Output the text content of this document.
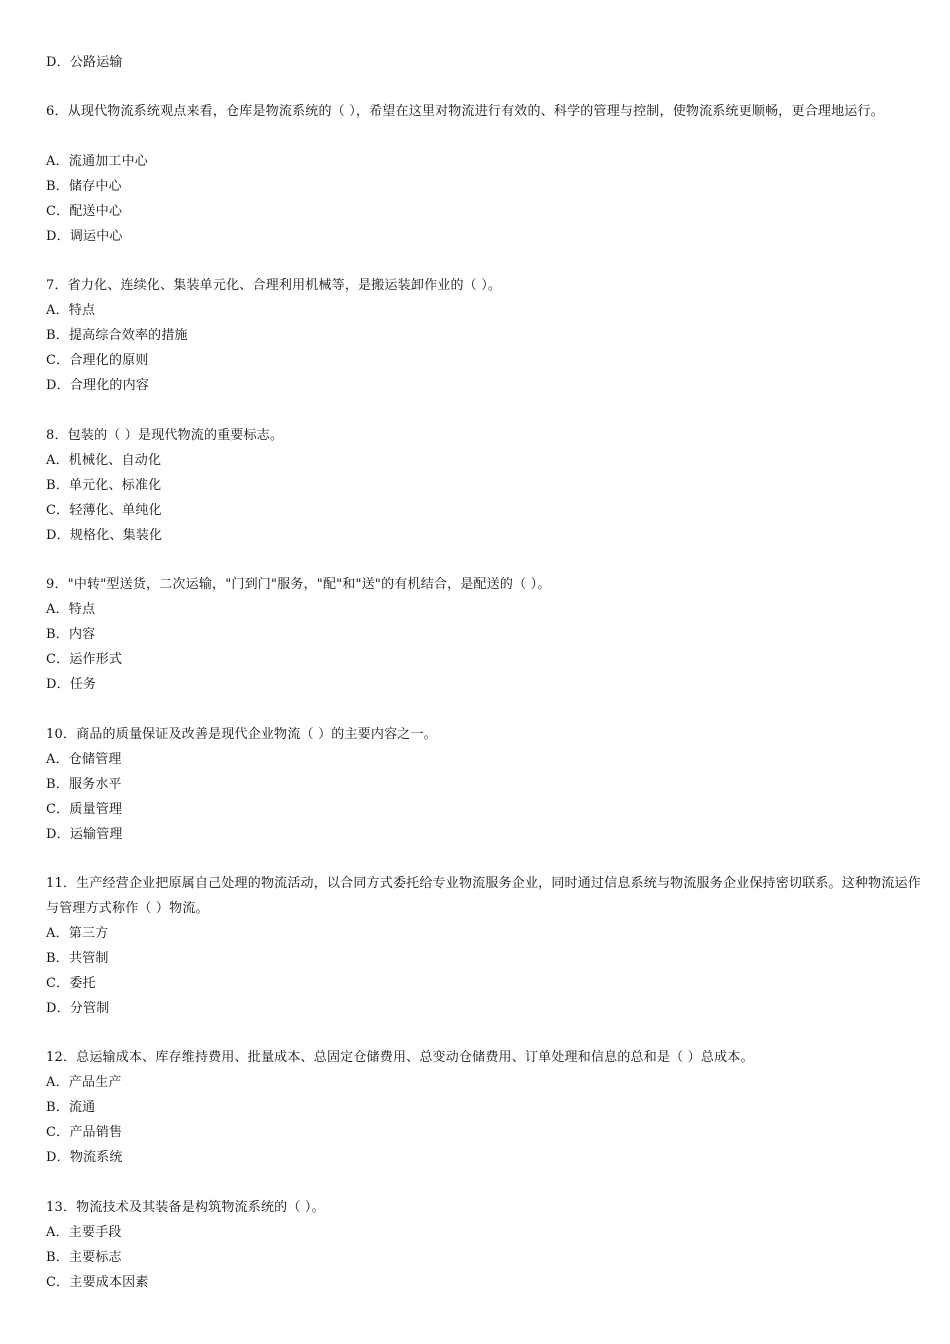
D．公路运输
6．从现代物流系统观点来看，仓库是物流系统的（ ），希望在这里对物流进行有效的、科学的管理与控制，使物流系统更顺畅，更合理地运行。
A．流通加工中心
B．储存中心
C．配送中心
D．调运中心
7．省力化、连续化、集装单元化、合理利用机械等，是搬运装卸作业的（ ）。
A．特点
B．提高综合效率的措施
C．合理化的原则
D．合理化的内容
8．包装的（ ）是现代物流的重要标志。
A．机械化、自动化
B．单元化、标准化
C．轻薄化、单纯化
D．规格化、集装化
9．"中转"型送货，二次运输，"门到门"服务，"配"和"送"的有机结合，是配送的（ ）。
A．特点
B．内容
C．运作形式
D．任务
10．商品的质量保证及改善是现代企业物流（ ）的主要内容之一。
A．仓储管理
B．服务水平
C．质量管理
D．运输管理
11．生产经营企业把原属自己处理的物流活动，以合同方式委托给专业物流服务企业，同时通过信息系统与物流服务企业保持密切联系。这种物流运作与管理方式称作（ ）物流。
A．第三方
B．共管制
C．委托
D．分管制
12．总运输成本、库存维持费用、批量成本、总固定仓储费用、总变动仓储费用、订单处理和信息的总和是（ ）总成本。
A．产品生产
B．流通
C．产品销售
D．物流系统
13．物流技术及其装备是构筑物流系统的（ ）。
A．主要手段
B．主要标志
C．主要成本因素
